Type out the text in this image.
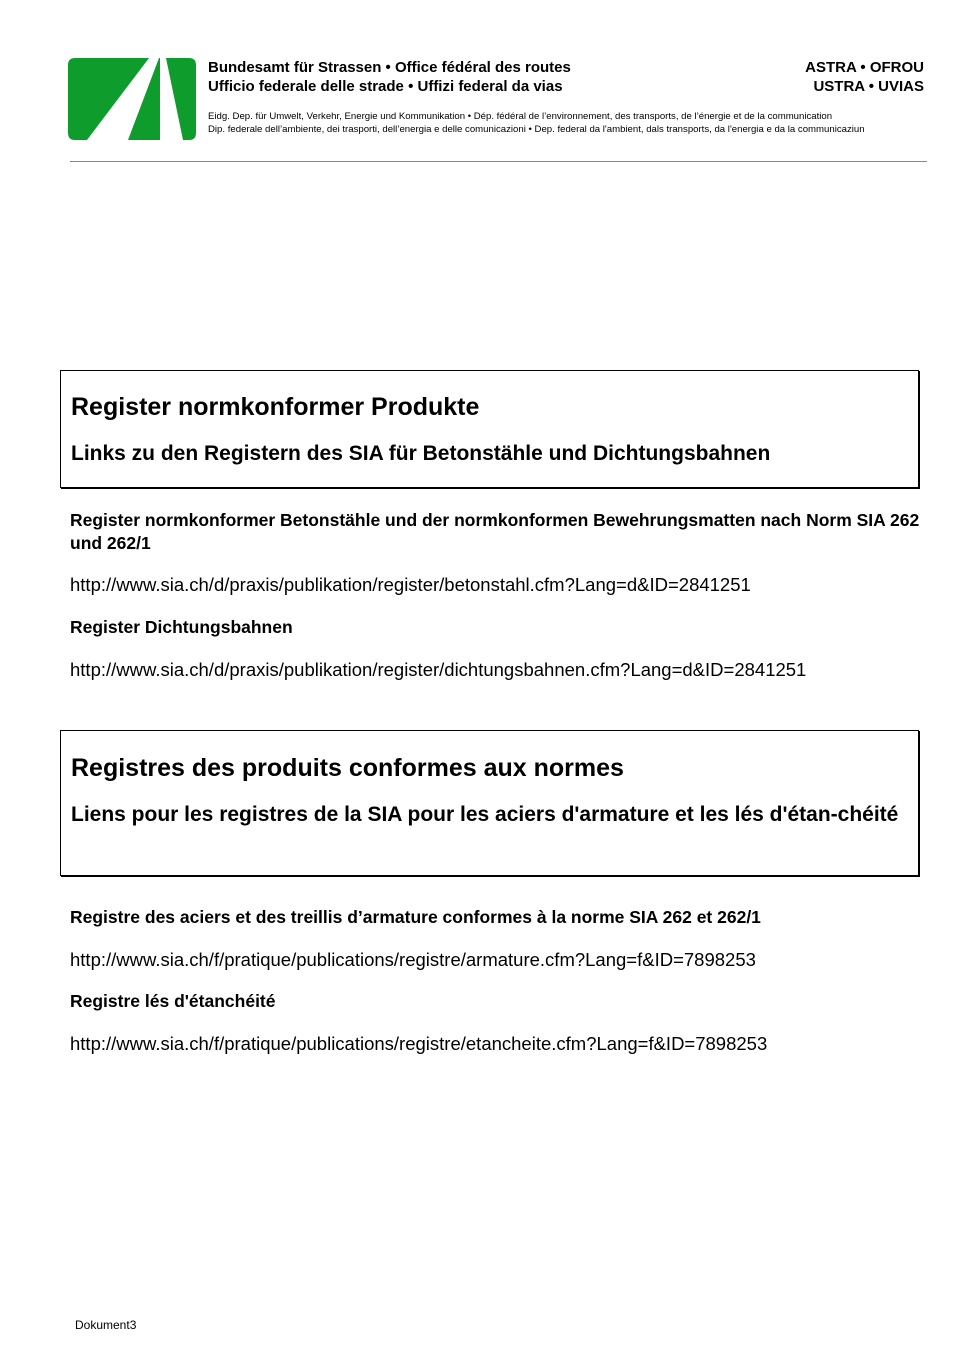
Bundesamt für Strassen • Office fédéral des routes
Ufficio federale delle strade • Uffizi federal da vias
ASTRA • OFROU
USTRA • UVIAS
Eidg. Dep. für Umwelt, Verkehr, Energie und Kommunikation • Dép. fédéral de l’environnement, des transports, de l’énergie et de la communication
Dip. federale dell’ambiente, dei trasporti, dell’energia e delle comunicazioni • Dep. federal da l'ambient, dals transports, da l'energia e da la communicaziun
Register normkonformer Produkte
Links zu den Registern des SIA für Betonstähle und Dichtungsbahnen
Register normkonformer Betonstähle und der normkonformen Bewehrungsmatten nach Norm SIA 262 und 262/1
http://www.sia.ch/d/praxis/publikation/register/betonstahl.cfm?Lang=d&ID=2841251
Register Dichtungsbahnen
http://www.sia.ch/d/praxis/publikation/register/dichtungsbahnen.cfm?Lang=d&ID=2841251
Registres des produits conformes aux normes
Liens pour les registres de la SIA pour les aciers d'armature et les lés d'étan-chéité
Registre des aciers et des treillis d’armature conformes à la norme SIA 262 et 262/1
http://www.sia.ch/f/pratique/publications/registre/armature.cfm?Lang=f&ID=7898253
Registre lés d'étanchéité
http://www.sia.ch/f/pratique/publications/registre/etancheite.cfm?Lang=f&ID=7898253
Dokument3
